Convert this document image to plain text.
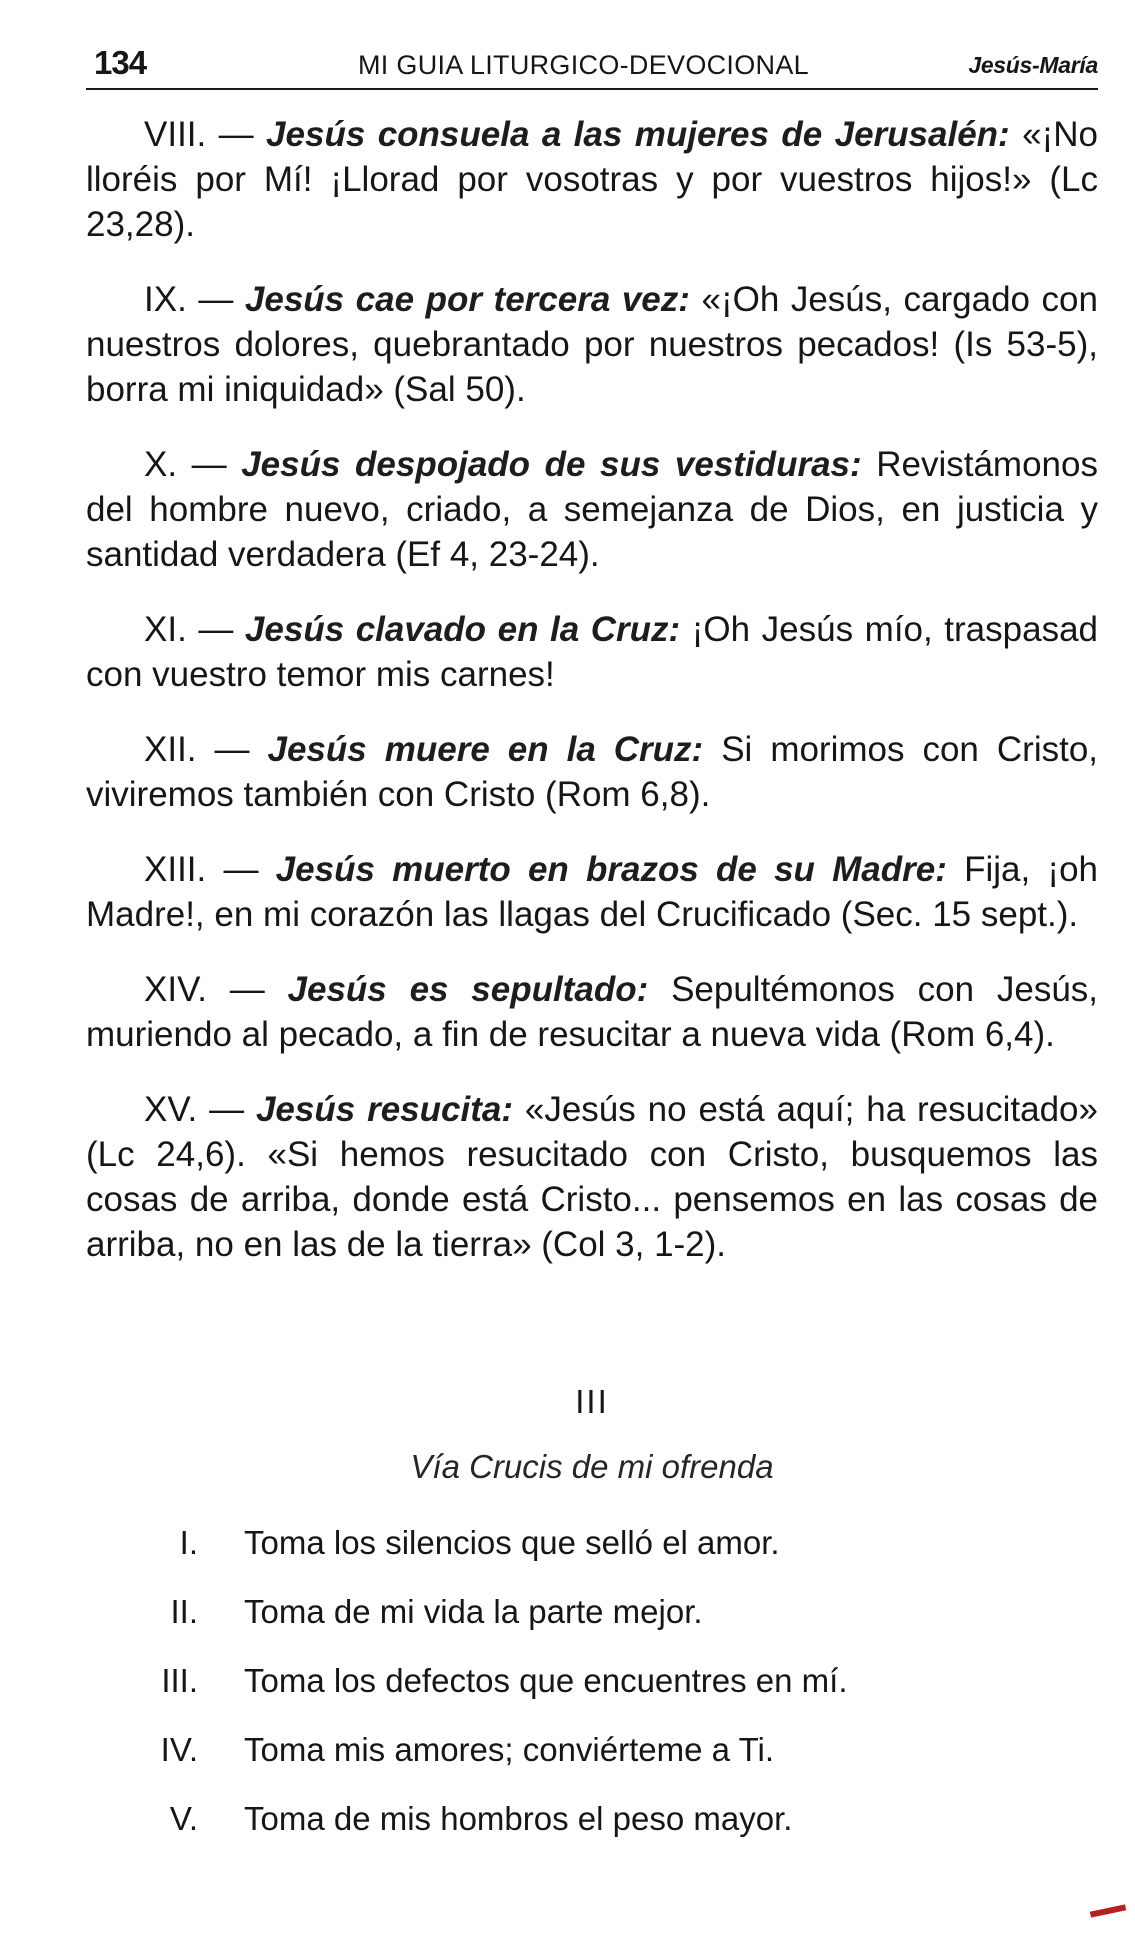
134	MI GUIA LITURGICO-DEVOCIONAL	Jesús-María

VIII. — Jesús consuela a las mujeres de Jerusalén: «¡No lloréis por Mí! ¡Llorad por vosotras y por vuestros hijos!» (Lc 23,28).

IX. — Jesús cae por tercera vez: «¡Oh Jesús, cargado con nuestros dolores, quebrantado por nuestros pecados! (Is 53-5), borra mi iniquidad» (Sal 50).

X. — Jesús despojado de sus vestiduras: Revistámonos del hombre nuevo, criado, a semejanza de Dios, en justicia y santidad verdadera (Ef 4, 23-24).

XI. — Jesús clavado en la Cruz: ¡Oh Jesús mío, traspasad con vuestro temor mis carnes!

XII. — Jesús muere en la Cruz: Si morimos con Cristo, viviremos también con Cristo (Rom 6,8).

XIII. — Jesús muerto en brazos de su Madre: Fija, ¡oh Madre!, en mi corazón las llagas del Crucificado (Sec. 15 sept.).

XIV. — Jesús es sepultado: Sepultémonos con Jesús, muriendo al pecado, a fin de resucitar a nueva vida (Rom 6,4).

XV. — Jesús resucita: «Jesús no está aquí; ha resucitado» (Lc 24,6). «Si hemos resucitado con Cristo, busquemos las cosas de arriba, donde está Cristo... pensemos en las cosas de arriba, no en las de la tierra» (Col 3, 1-2).

III
Vía Crucis de mi ofrenda
I. Toma los silencios que selló el amor.
II. Toma de mi vida la parte mejor.
III. Toma los defectos que encuentres en mí.
IV. Toma mis amores; conviérteme a Ti.
V. Toma de mis hombros el peso mayor.
